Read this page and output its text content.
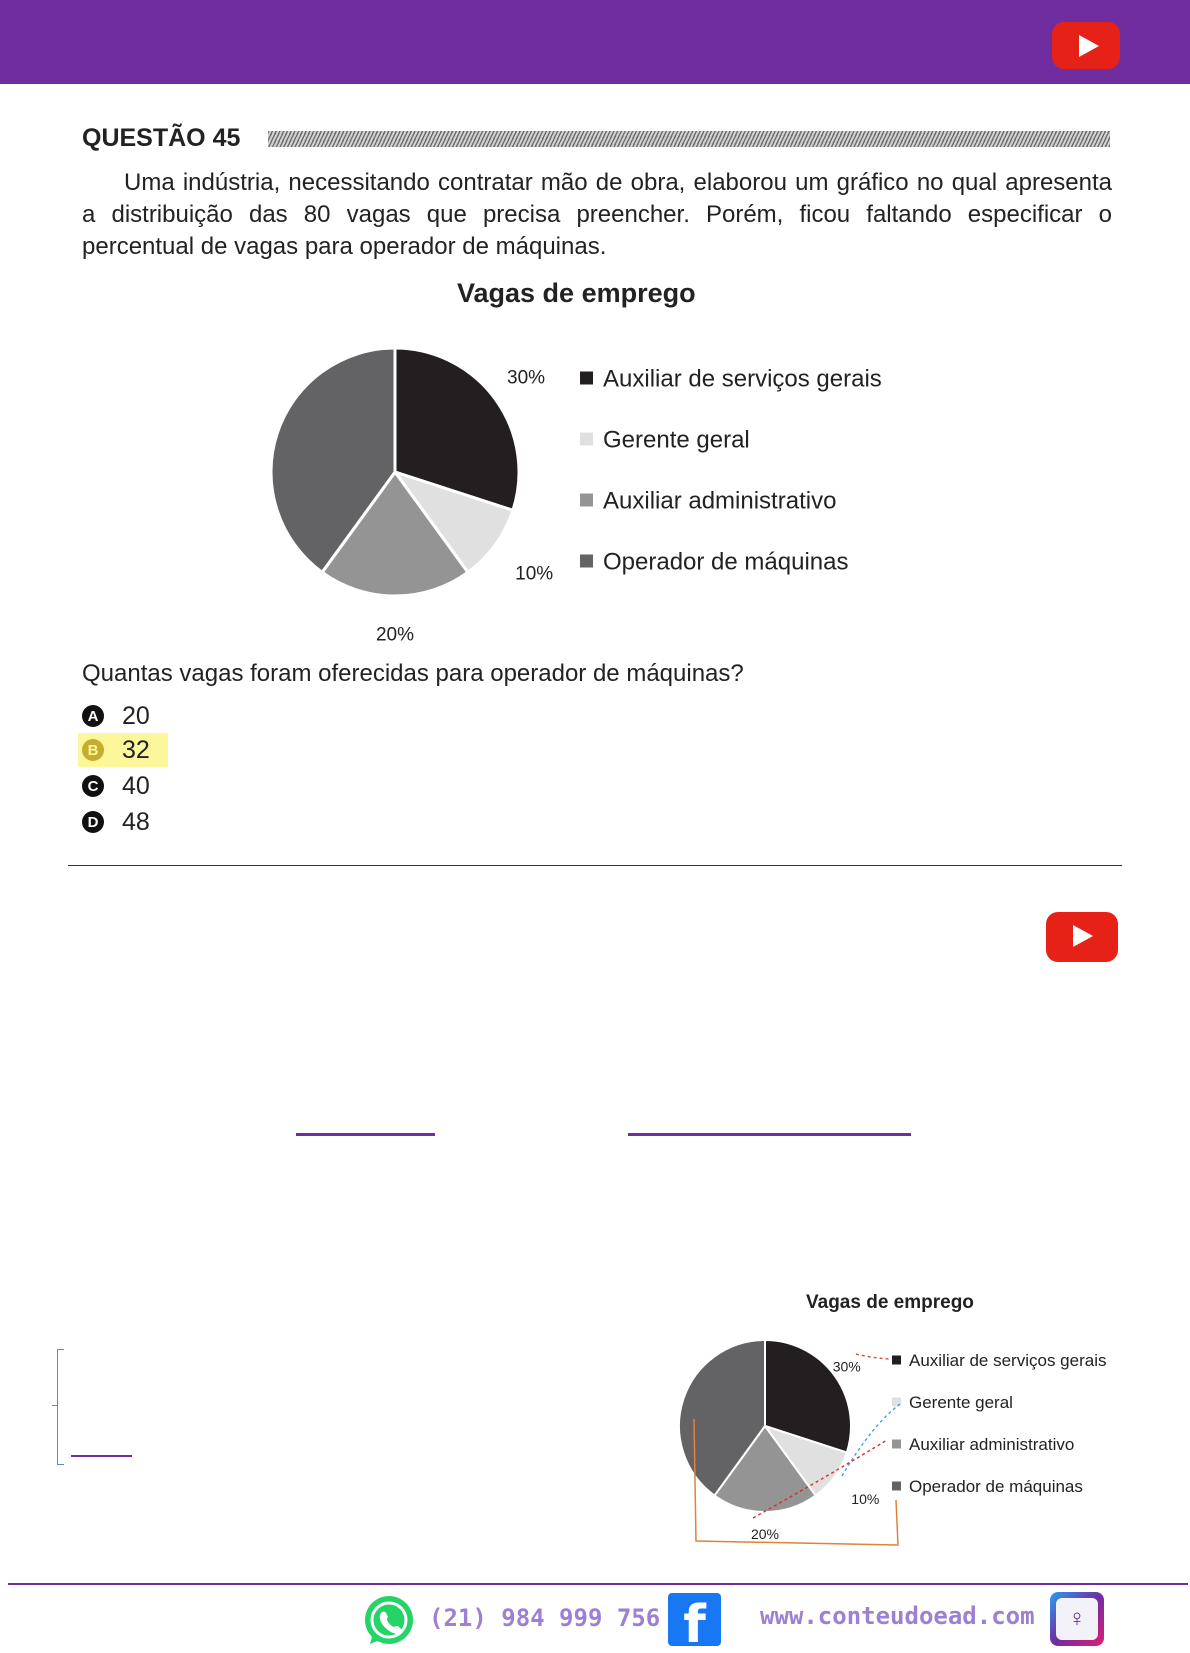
QUESTÃO 45
Uma indústria, necessitando contratar mão de obra, elaborou um gráfico no qual apresenta a distribuição das 80 vagas que precisa preencher. Porém, ficou faltando especificar o percentual de vagas para operador de máquinas.
Vagas de emprego
30%
10%
20%
Auxiliar de serviços gerais
Gerente geral
Auxiliar administrativo
Operador de máquinas
Quantas vagas foram oferecidas para operador de máquinas?
A 20
B 32
C 40
D 48
Vagas de emprego
30%
10%
20%
Auxiliar de serviços gerais
Gerente geral
Auxiliar administrativo
Operador de máquinas
(21) 984 999 756 f	www.conteudoead.com	♀
